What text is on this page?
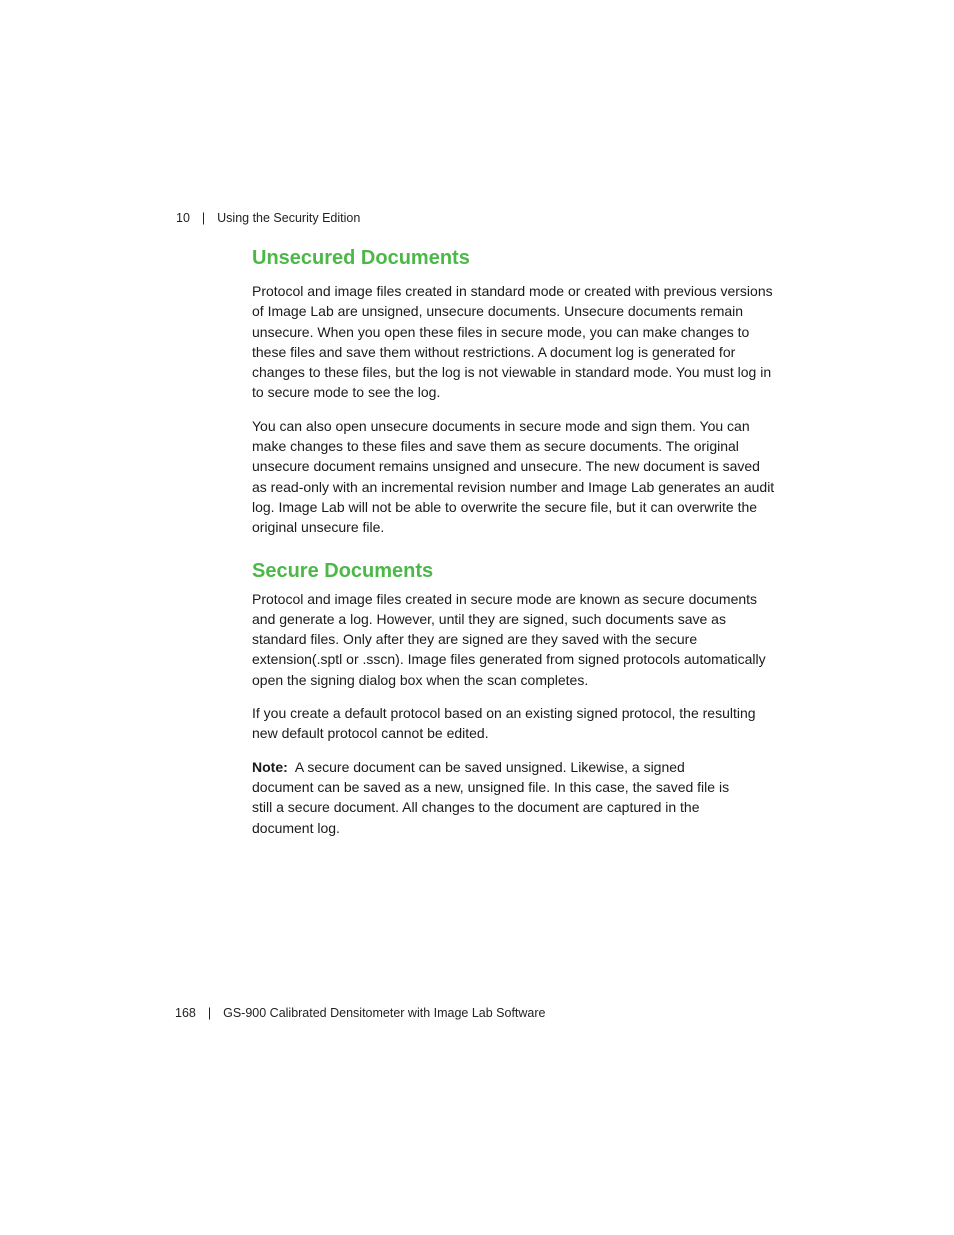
10 | Using the Security Edition
Unsecured Documents

Protocol and image files created in standard mode or created with previous versions of Image Lab are unsigned, unsecure documents. Unsecure documents remain unsecure. When you open these files in secure mode, you can make changes to these files and save them without restrictions. A document log is generated for changes to these files, but the log is not viewable in standard mode. You must log in to secure mode to see the log.

You can also open unsecure documents in secure mode and sign them. You can make changes to these files and save them as secure documents. The original unsecure document remains unsigned and unsecure. The new document is saved as read-only with an incremental revision number and Image Lab generates an audit log. Image Lab will not be able to overwrite the secure file, but it can overwrite the original unsecure file.

Secure Documents

Protocol and image files created in secure mode are known as secure documents and generate a log. However, until they are signed, such documents save as standard files. Only after they are signed are they saved with the secure extension(.sptl or .sscn). Image files generated from signed protocols automatically open the signing dialog box when the scan completes.

If you create a default protocol based on an existing signed protocol, the resulting new default protocol cannot be edited.

Note: A secure document can be saved unsigned. Likewise, a signed document can be saved as a new, unsigned file. In this case, the saved file is still a secure document. All changes to the document are captured in the document log.

168 | GS-900 Calibrated Densitometer with Image Lab Software
